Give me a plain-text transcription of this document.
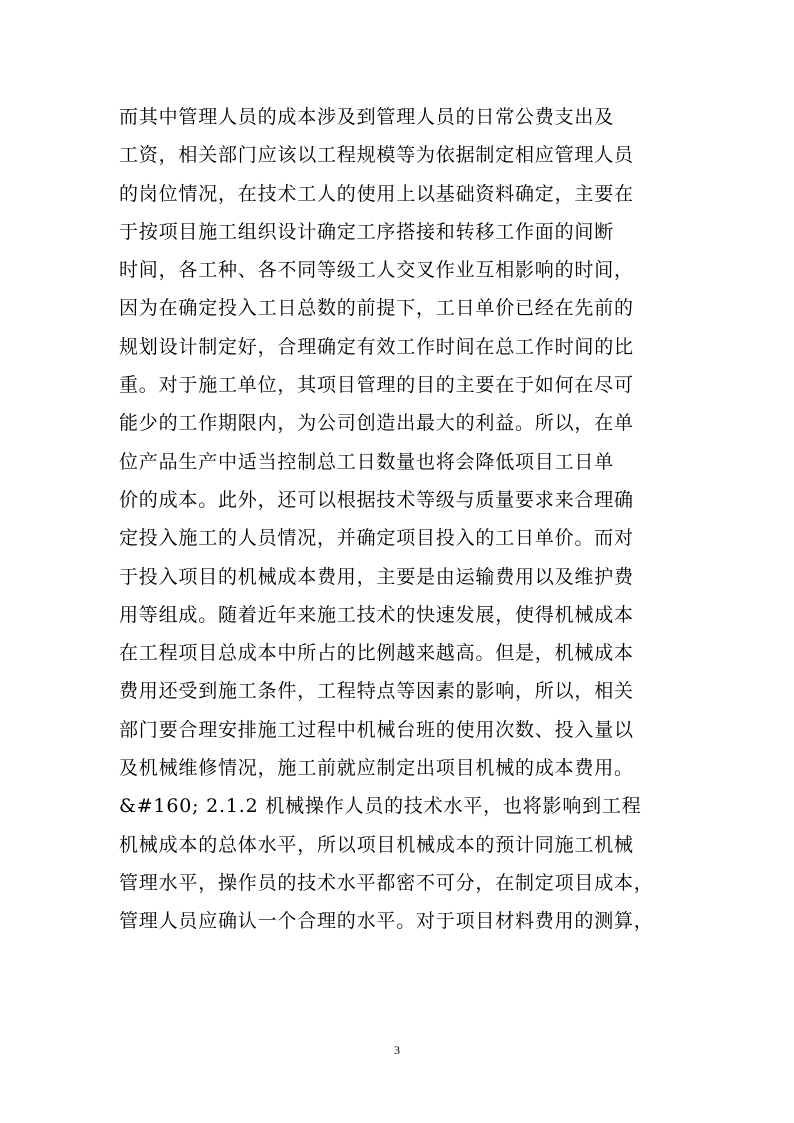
而其中管理人员的成本涉及到管理人员的日常公费支出及
工资，相关部门应该以工程规模等为依据制定相应管理人员
的岗位情况，在技术工人的使用上以基础资料确定，主要在
于按项目施工组织设计确定工序搭接和转移工作面的间断
时间，各工种、各不同等级工人交叉作业互相影响的时间，
因为在确定投入工日总数的前提下，工日单价已经在先前的
规划设计制定好，合理确定有效工作时间在总工作时间的比
重。对于施工单位，其项目管理的目的主要在于如何在尽可
能少的工作期限内，为公司创造出最大的利益。所以，在单
位产品生产中适当控制总工日数量也将会降低项目工日单
价的成本。此外，还可以根据技术等级与质量要求来合理确
定投入施工的人员情况，并确定项目投入的工日单价。而对
于投入项目的机械成本费用，主要是由运输费用以及维护费
用等组成。随着近年来施工技术的快速发展，使得机械成本
在工程项目总成本中所占的比例越来越高。但是，机械成本
费用还受到施工条件，工程特点等因素的影响，所以，相关
部门要合理安排施工过程中机械台班的使用次数、投入量以
及机械维修情况，施工前就应制定出项目机械的成本费用。
&#160; 2.1.2 机械操作人员的技术水平，也将影响到工程
机械成本的总体水平，所以项目机械成本的预计同施工机械
管理水平，操作员的技术水平都密不可分，在制定项目成本，
管理人员应确认一个合理的水平。对于项目材料费用的测算，
3
